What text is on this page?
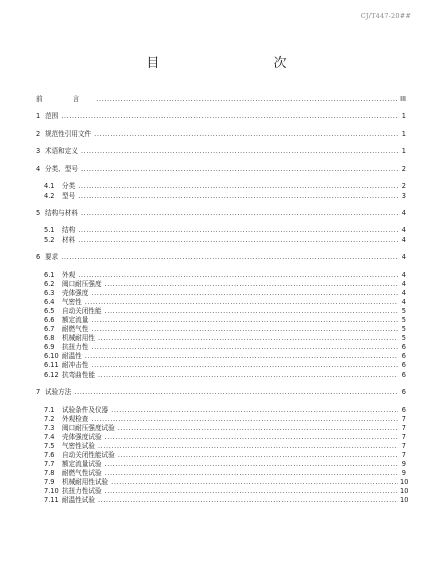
CJ/T447-20##
目 次
前 言 .....	III
1 范围 .....	1
2 规范性引用文件 .....	1
3 术语和定义 .....	1
4 分类、型号 .....	2
4.1	分类 .....	2
4.2	型号 .....	3
5 结构与材料 .....	4
5.1	结构 .....	4
5.2	材料 .....	4
6 要求 .....	4
6.1	外观 .....	4
6.2	阀口耐压强度 .....	4
6.3	壳体强度 .....	4
6.4	气密性 .....	4
6.5	自动关闭性能 .....	5
6.6	额定流量 .....	5
6.7	耐燃气性 .....	5
6.8	机械耐用性 .....	5
6.9	抗扭力性 .....	6
6.10 耐温性 .....	6
6.11 耐冲击性 .....	6
6.12 抗弯曲性能 .....	6
7 试验方法 .....	6
7.1	试验条件及仪器 .....	6
7.2	外观检查 .....	7
7.3	阀口耐压强度试验 .....	7
7.4	壳体强度试验 .....	7
7.5	气密性试验 .....	7
7.6	自动关闭性能试验 .....	7
7.7	额定流量试验 .....	9
7.8	耐燃气性试验 .....	9
7.9	机械耐用性试验 .....	10
7.10 抗扭力性试验 .....	10
7.11 耐温性试验 .....	10
